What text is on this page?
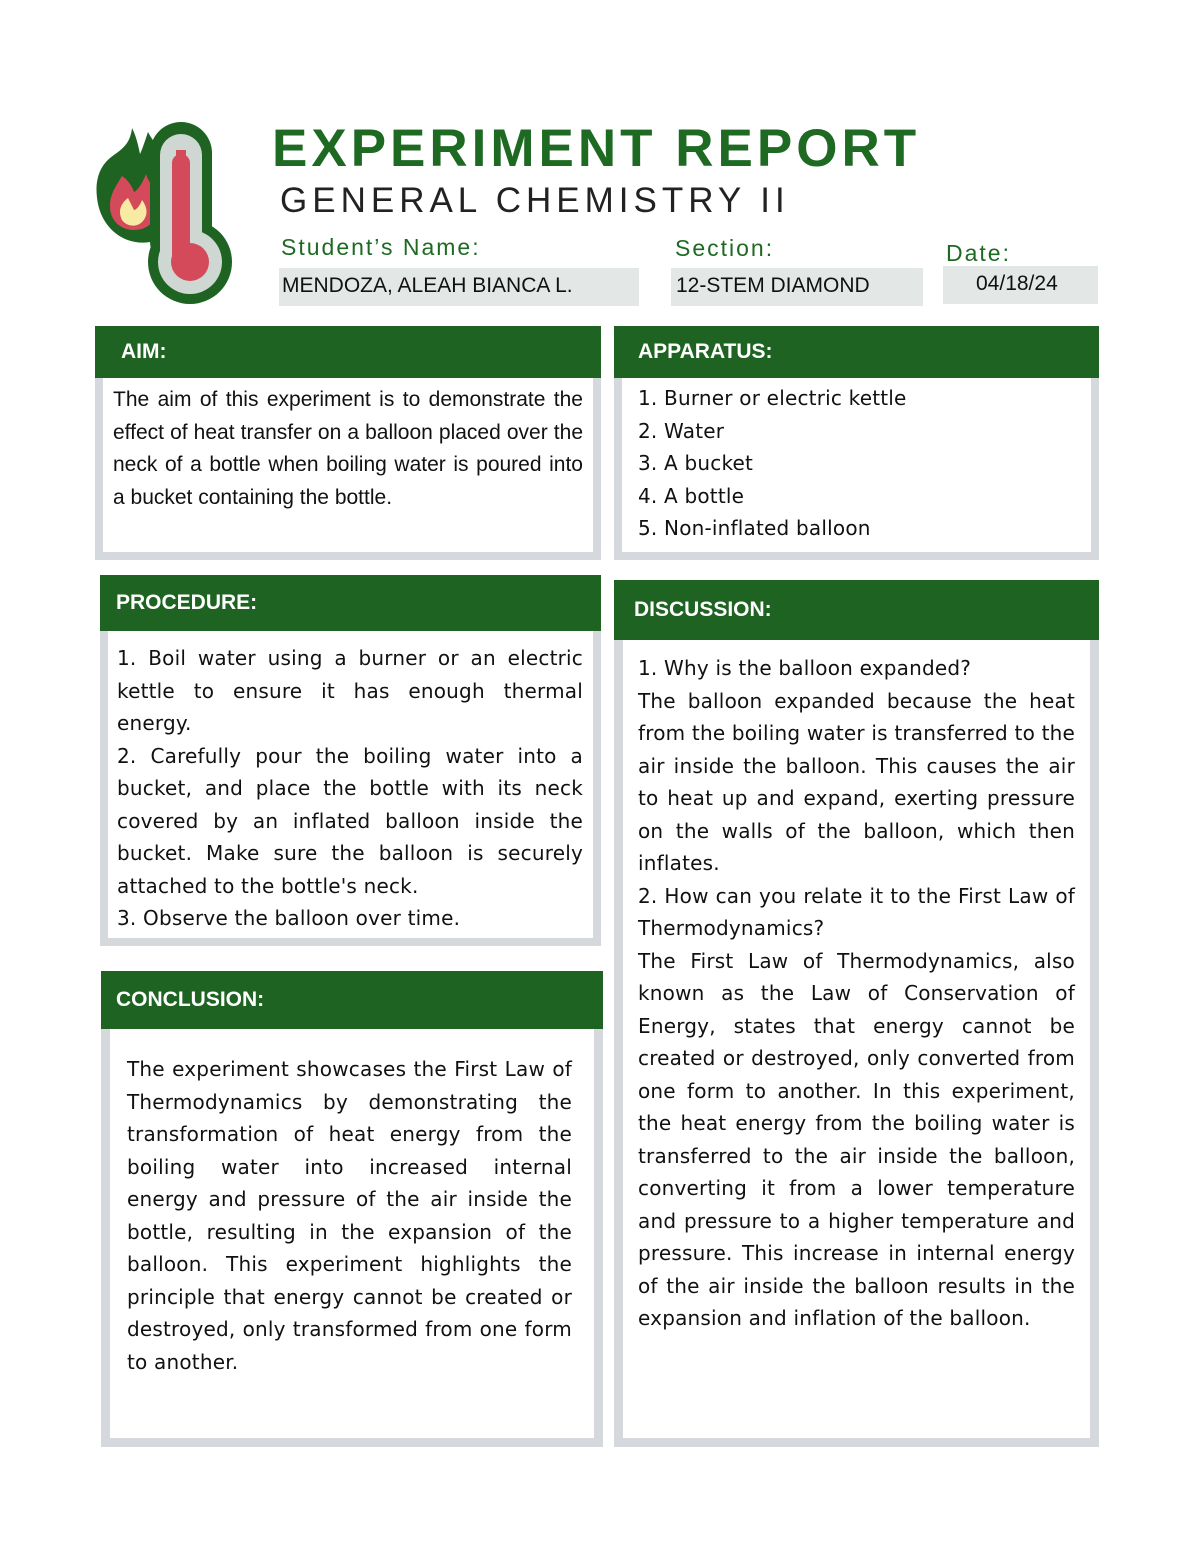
EXPERIMENT REPORT
GENERAL CHEMISTRY II
Student’s Name:
MENDOZA, ALEAH BIANCA L.
Section:
12-STEM DIAMOND
Date:
04/18/24
AIM:
The aim of this experiment is to demonstrate the effect of heat transfer on a balloon placed over the neck of a bottle when boiling water is poured into a bucket containing the bottle.
APPARATUS:
1. Burner or electric kettle
2. Water
3. A bucket
4. A bottle
5. Non-inflated balloon
PROCEDURE:
1. Boil water using a burner or an electric kettle to ensure it has enough thermal energy.
2. Carefully pour the boiling water into a bucket, and place the bottle with its neck covered by an inflated balloon inside the bucket. Make sure the balloon is securely attached to the bottle's neck.
3. Observe the balloon over time.
CONCLUSION:
The experiment showcases the First Law of Thermodynamics by demonstrating the transformation of heat energy from the boiling water into increased internal energy and pressure of the air inside the bottle, resulting in the expansion of the balloon. This experiment highlights the principle that energy cannot be created or destroyed, only transformed from one form to another.
DISCUSSION:
1. Why is the balloon expanded?
The balloon expanded because the heat from the boiling water is transferred to the air inside the balloon. This causes the air to heat up and expand, exerting pressure on the walls of the balloon, which then inflates.
2. How can you relate it to the First Law of Thermodynamics?
The First Law of Thermodynamics, also known as the Law of Conservation of Energy, states that energy cannot be created or destroyed, only converted from one form to another. In this experiment, the heat energy from the boiling water is transferred to the air inside the balloon, converting it from a lower temperature and pressure to a higher temperature and pressure. This increase in internal energy of the air inside the balloon results in the expansion and inflation of the balloon.
